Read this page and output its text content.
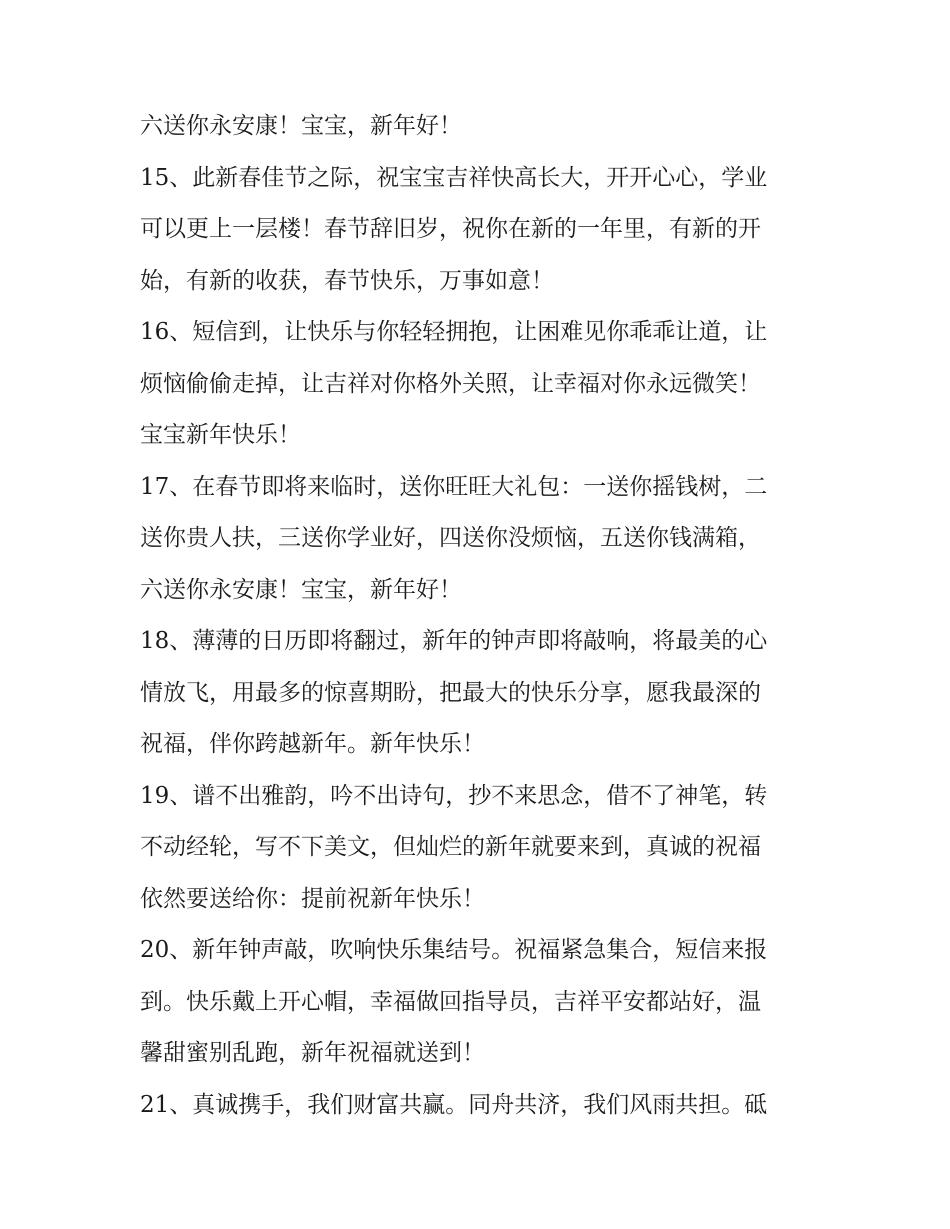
六送你永安康！宝宝，新年好！
15、此新春佳节之际，祝宝宝吉祥快高长大，开开心心，学业
可以更上一层楼！春节辞旧岁，祝你在新的一年里，有新的开
始，有新的收获，春节快乐，万事如意！
16、短信到，让快乐与你轻轻拥抱，让困难见你乖乖让道，让
烦恼偷偷走掉，让吉祥对你格外关照，让幸福对你永远微笑！
宝宝新年快乐！
17、在春节即将来临时，送你旺旺大礼包：一送你摇钱树，二
送你贵人扶，三送你学业好，四送你没烦恼，五送你钱满箱，
六送你永安康！宝宝，新年好！
18、薄薄的日历即将翻过，新年的钟声即将敲响，将最美的心
情放飞，用最多的惊喜期盼，把最大的快乐分享，愿我最深的
祝福，伴你跨越新年。新年快乐！
19、谱不出雅韵，吟不出诗句，抄不来思念，借不了神笔，转
不动经轮，写不下美文，但灿烂的新年就要来到，真诚的祝福
依然要送给你：提前祝新年快乐！
20、新年钟声敲，吹响快乐集结号。祝福紧急集合，短信来报
到。快乐戴上开心帽，幸福做回指导员，吉祥平安都站好，温
馨甜蜜别乱跑，新年祝福就送到！
21、真诚携手，我们财富共赢。同舟共济，我们风雨共担。砥
